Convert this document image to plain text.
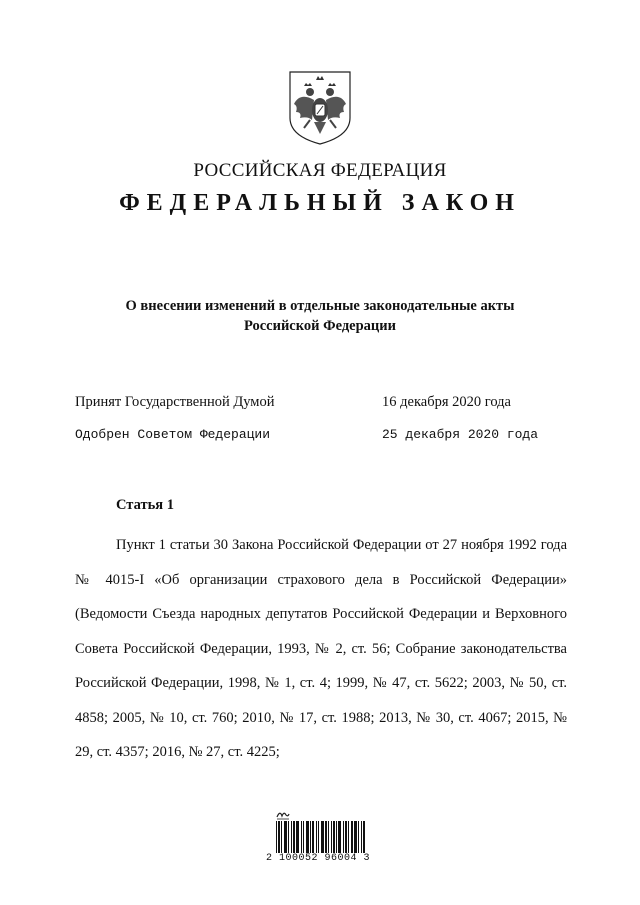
РОССИЙСКАЯ ФЕДЕРАЦИЯ
ФЕДЕРАЛЬНЫЙ ЗАКОН
О внесении изменений в отдельные законодательные акты
Российской Федерации
Принят Государственной Думой	16 декабря 2020 года
Одобрен Советом Федерации	25 декабря 2020 года
Статья 1
Пункт 1 статьи 30 Закона Российской Федерации от 27 ноября 1992 года № 4015-I «Об организации страхового дела в Российской Федерации» (Ведомости Съезда народных депутатов Российской Федерации и Верховного Совета Российской Федерации, 1993, № 2, ст. 56; Собрание законодательства Российской Федерации, 1998, № 1, ст. 4; 1999, № 47, ст. 5622; 2003, № 50, ст. 4858; 2005, № 10, ст. 760; 2010, № 17, ст. 1988; 2013, № 30, ст. 4067; 2015, № 29, ст. 4357; 2016, № 27, ст. 4225;
2 100052 96004 3
